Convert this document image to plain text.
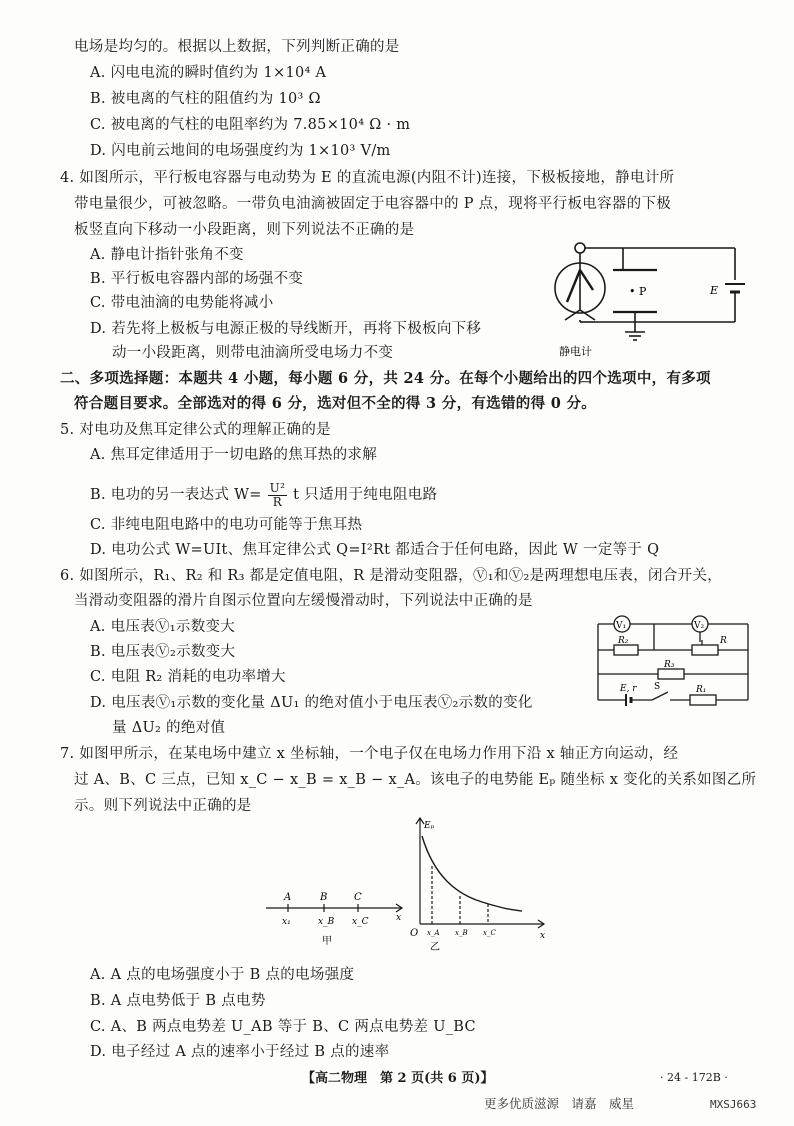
电场是均匀的。根据以上数据，下列判断正确的是
A. 闪电电流的瞬时值约为 1×10⁴ A
B. 被电离的气柱的阻值约为 10³ Ω
C. 被电离的气柱的电阻率约为 7.85×10⁴ Ω · m
D. 闪电前云地间的电场强度约为 1×10³ V/m
4. 如图所示，平行板电容器与电动势为 E 的直流电源(内阻不计)连接，下极板接地，静电计所
带电量很少，可被忽略。一带负电油滴被固定于电容器中的 P 点，现将平行板电容器的下极
板竖直向下移动一小段距离，则下列说法不正确的是
A. 静电计指针张角不变
B. 平行板电容器内部的场强不变
C. 带电油滴的电势能将减小
D. 若先将上极板与电源正极的导线断开，再将下极板向下移
动一小段距离，则带电油滴所受电场力不变
• P	E
静电计
二、多项选择题：本题共 4 小题，每小题 6 分，共 24 分。在每个小题给出的四个选项中，有多项
符合题目要求。全部选对的得 6 分，选对但不全的得 3 分，有选错的得 0 分。
5. 对电功及焦耳定律公式的理解正确的是
A. 焦耳定律适用于一切电路的焦耳热的求解
B. 电功的另一表达式 $W= \frac{\text{U²}}{R}$ t 只适用于纯电阻电路
C. 非纯电阻电路中的电功可能等于焦耳热
D. 电功公式 W=UIt、焦耳定律公式 Q=I²Rt 都适合于任何电路，因此 W 一定等于 Q
6. 如图所示，R₁、R₂ 和 R₃ 都是定值电阻，R 是滑动变阻器，Ⓥ₁和Ⓥ₂是两理想电压表，闭合开关，
当滑动变阻器的滑片自图示位置向左缓慢滑动时，下列说法中正确的是
A. 电压表Ⓥ₁示数变大
B. 电压表Ⓥ₂示数变大
C. 电阻 R₂ 消耗的电功率增大
D. 电压表Ⓥ₁示数的变化量 ΔU₁ 的绝对值小于电压表Ⓥ₂示数的变化
量 ΔU₂ 的绝对值
V₁	V₂
R₂	R
R₃
E, r S	R₁
7. 如图甲所示，在某电场中建立 x 坐标轴，一个电子仅在电场力作用下沿 x 轴正方向运动，经
过 A、B、C 三点，已知 x_C − x_B = x_B − x_A。该电子的电势能 Eₚ 随坐标 x 变化的关系如图乙所
示。则下列说法中正确的是
A	B	C
x₁	x_B x_C	x
甲
Eₚ
O x_A x_B x_C	x
乙
A. A 点的电场强度小于 B 点的电场强度
B. A 点电势低于 B 点电势
C. A、B 两点电势差 U_AB 等于 B、C 两点电势差 U_BC
D. 电子经过 A 点的速率小于经过 B 点的速率
【高二物理　第 2 页(共 6 页)】	· 24 - 172B ·
更多优质滋源　请嘉　威星	MXSJ663
